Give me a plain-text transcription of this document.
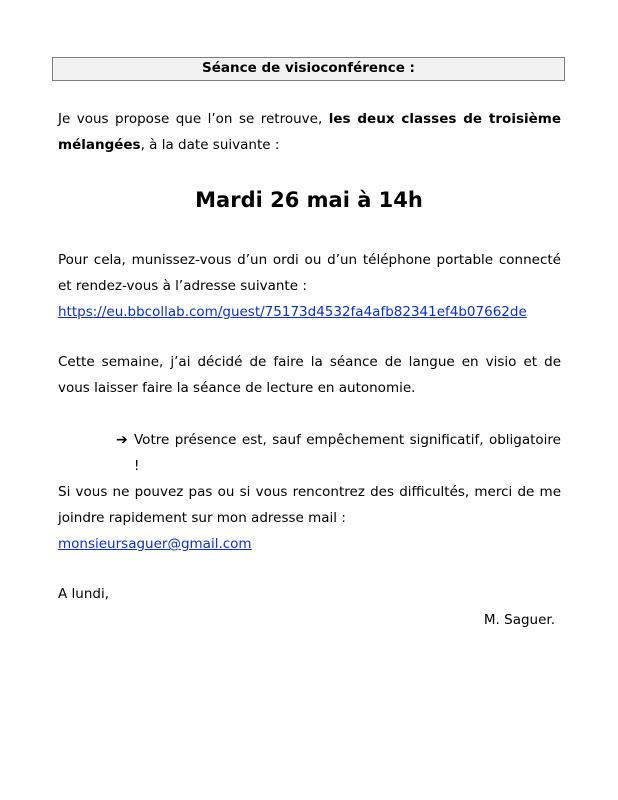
Séance de visioconférence :
Je vous propose que l’on se retrouve, les deux classes de troisième mélangées, à la date suivante :
Mardi 26 mai à 14h
Pour cela, munissez-vous d’un ordi ou d’un téléphone portable connecté et rendez-vous à l’adresse suivante :
https://eu.bbcollab.com/guest/75173d4532fa4afb82341ef4b07662de
Cette semaine, j’ai décidé de faire la séance de langue en visio et de vous laisser faire la séance de lecture en autonomie.
➔ Votre présence est, sauf empêchement significatif, obligatoire !
Si vous ne pouvez pas ou si vous rencontrez des difficultés, merci de me joindre rapidement sur mon adresse mail :
monsieursaguer@gmail.com
A lundi,
M. Saguer.
